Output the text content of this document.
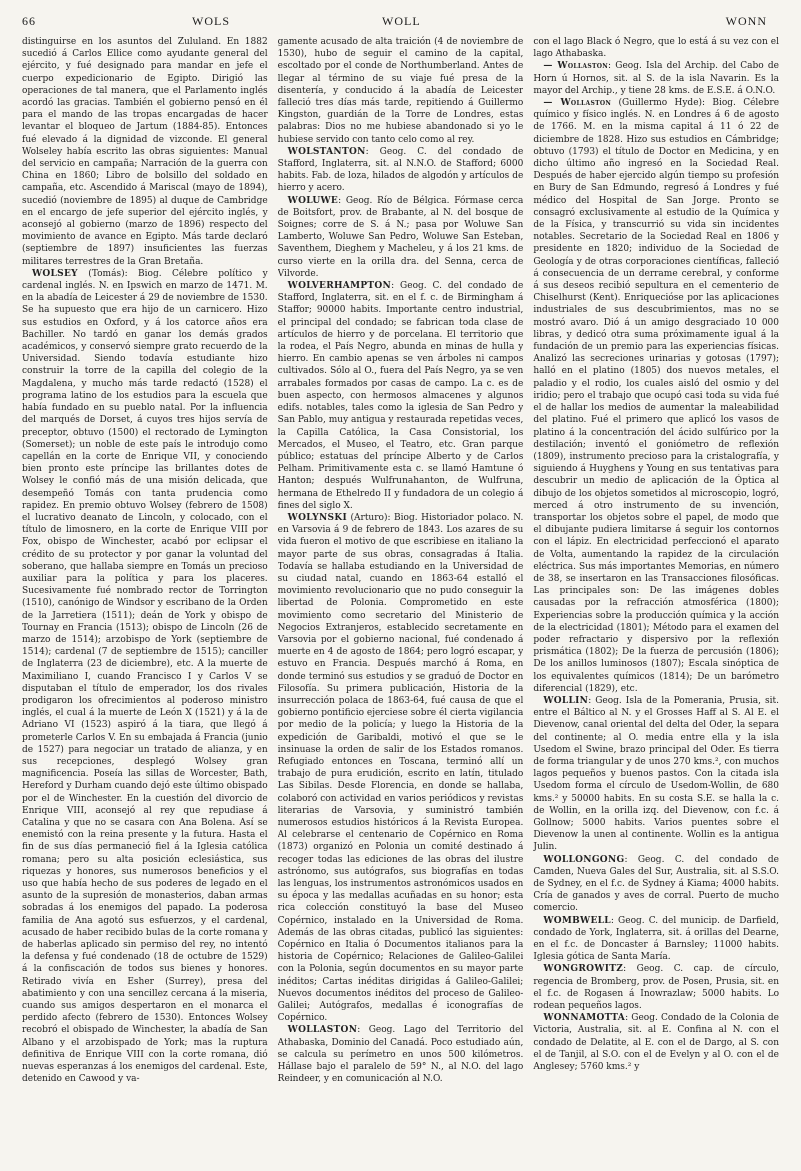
66	WOLS	WOLL	WONN

distinguirse en los asuntos del Zululand. En 1882 sucedió á Carlos Ellice como ayudante general del ejército, y fué designado para mandar en jefe el cuerpo expedicionario de Egipto. Dirigió las operaciones de tal manera, que el Parlamento inglés acordó las gracias. También el gobierno pensó en él para el mando de las tropas encargadas de hacer levantar el bloqueo de Jartum (1884-85). Entonces fué elevado á la dignidad de vizconde. El general Wolseley había escrito las obras siguientes: Manual del servicio en campaña; Narración de la guerra con China en 1860; Libro de bolsillo del soldado en campaña, etc. Ascendido á Mariscal (mayo de 1894), sucedió (noviembre de 1895) al duque de Cambridge en el encargo de jefe superior del ejército inglés, y aconsejó al gobierno (marzo de 1896) respecto del movimiento de avance en Egipto. Más tarde declaró (septiembre de 1897) insuficientes las fuerzas militares terrestres de la Gran Bretaña.

WOLSEY (Tomás): Biog. Célebre político y cardenal inglés. N. en Ipswich en marzo de 1471. M. en la abadía de Leicester á 29 de noviembre de 1530. Se ha supuesto que era hijo de un carnicero. Hizo sus estudios en Oxford, y á los catorce años era Bachiller. No tardó en ganar los demás grados académicos, y conservó siempre grato recuerdo de la Universidad. Siendo todavía estudiante hizo construir la torre de la capilla del colegio de la Magdalena, y mucho más tarde redactó (1528) el programa latino de los estudios para la escuela que había fundado en su pueblo natal. Por la influencia del marqués de Dorset, á cuyos tres hijos servía de preceptor, obtuvo (1500) el rectorado de Lymington (Somerset); un noble de este país le introdujo como capellán en la corte de Enrique VII, y conociendo bien pronto este príncipe las brillantes dotes de Wolsey le confió más de una misión delicada, que desempeñó Tomás con tanta prudencia como rapidez. En premio obtuvo Wolsey (febrero de 1508) el lucrativo deanato de Lincoln, y colocado, con el título de limosnero, en la corte de Enrique VIII por Fox, obispo de Winchester, acabó por eclipsar el crédito de su protector y por ganar la voluntad del soberano, que hallaba siempre en Tomás un precioso auxiliar para la política y para los placeres. Sucesivamente fué nombrado rector de Torrington (1510), canónigo de Windsor y escribano de la Orden de la Jarretiera (1511); deán de York y obispo de Tournay en Francia (1513); obispo de Lincoln (26 de marzo de 1514); arzobispo de York (septiembre de 1514); cardenal (7 de septiembre de 1515); canciller de Inglaterra (23 de diciembre), etc. A la muerte de Maximiliano I, cuando Francisco I y Carlos V se disputaban el título de emperador, los dos rivales prodigaron los ofrecimientos al poderoso ministro inglés, el cual á la muerte de León X (1521) y á la de Adriano VI (1523) aspiró á la tiara, que llegó á prometerle Carlos V. En su embajada á Francia (junio de 1527) para negociar un tratado de alianza, y en sus recepciones, desplegó Wolsey gran magnificencia. Poseía las sillas de Worcester, Bath, Hereford y Durham cuando dejó este último obispado por el de Winchester. En la cuestión del divorcio de Enrique VIII, aconsejó al rey que repudiase á Catalina y que no se casara con Ana Bolena. Así se enemistó con la reina presente y la futura. Hasta el fin de sus días permaneció fiel á la Iglesia católica romana; pero su alta posición eclesiástica, sus riquezas y honores, sus numerosos beneficios y el uso que había hecho de sus poderes de legado en el asunto de la supresión de monasterios, daban armas sobradas á los enemigos del papado. La poderosa familia de Ana agotó sus esfuerzos, y el cardenal, acusado de haber recibido bulas de la corte romana y de haberlas aplicado sin permiso del rey, no intentó la defensa y fué condenado (18 de octubre de 1529) á la confiscación de todos sus bienes y honores. Retirado vivía en Esher (Surrey), presa del abatimiento y con una sencillez cercana á la miseria, cuando sus amigos despertaron en el monarca el perdido afecto (febrero de 1530). Entonces Wolsey recobró el obispado de Winchester, la abadía de San Albano y el arzobispado de York; mas la ruptura definitiva de Enrique VIII con la corte romana, dió nuevas esperanzas á los enemigos del cardenal. Este, detenido en Cawood y va-

gamente acusado de alta traición (4 de noviembre de 1530), hubo de seguir el camino de la capital, escoltado por el conde de Northumberland. Antes de llegar al término de su viaje fué presa de la disentería, y conducido á la abadía de Leicester falleció tres días más tarde, repitiendo á Guillermo Kingston, guardián de la Torre de Londres, estas palabras: Dios no me hubiese abandonado si yo le hubiese servido con tanto celo como al rey.

WOLSTANTON: Geog. C. del condado de Stafford, Inglaterra, sit. al N.N.O. de Stafford; 6000 habits. Fab. de loza, hilados de algodón y artículos de hierro y acero.

WOLUWE: Geog. Río de Bélgica. Fórmase cerca de Boitsfort, prov. de Brabante, al N. del bosque de Soignes; corre de S. á N.; pasa por Woluwe San Lamberto, Woluwe San Pedro, Woluwe San Esteban, Saventhem, Dieghem y Macheleu, y á los 21 kms. de curso vierte en la orilla dra. del Senna, cerca de Vilvorde.

WOLVERHAMPTON: Geog. C. del condado de Stafford, Inglaterra, sit. en el f. c. de Birmingham á Staffor; 90000 habits. Importante centro industrial, el principal del condado; se fabrican toda clase de artículos de hierro y de porcelana. El territorio que la rodea, el País Negro, abunda en minas de hulla y hierro. En cambio apenas se ven árboles ni campos cultivados. Sólo al O., fuera del País Negro, ya se ven arrabales formados por casas de campo. La c. es de buen aspecto, con hermosos almacenes y algunos edifs. notables, tales como la iglesia de San Pedro y San Pablo, muy antigua y restaurada repetidas veces, la Capilla Católica, la Casa Consistorial, los Mercados, el Museo, el Teatro, etc. Gran parque público; estatuas del príncipe Alberto y de Carlos Pelham. Primitivamente esta c. se llamó Hamtune ó Hanton; después Wulfrunahanton, de Wulfruna, hermana de Ethelredo II y fundadora de un colegio á fines del siglo X.

WOLYNSKI (Arturo): Biog. Historiador polaco. N. en Varsovia á 9 de febrero de 1843. Los azares de su vida fueron el motivo de que escribiese en italiano la mayor parte de sus obras, consagradas á Italia. Todavía se hallaba estudiando en la Universidad de su ciudad natal, cuando en 1863-64 estalló el movimiento revolucionario que no pudo conseguir la libertad de Polonia. Comprometido en este movimiento como secretario del Ministerio de Negocios Extranjeros, establecido secretamente en Varsovia por el gobierno nacional, fué condenado á muerte en 4 de agosto de 1864; pero logró escapar, y estuvo en Francia. Después marchó á Roma, en donde terminó sus estudios y se graduó de Doctor en Filosofía. Su primera publicación, Historia de la insurrección polaca de 1863-64, fué causa de que el gobierno pontificio ejerciese sobre él cierta vigilancia por medio de la policía; y luego la Historia de la expedición de Garibaldi, motivó el que se le insinuase la orden de salir de los Estados romanos. Refugiado entonces en Toscana, terminó allí un trabajo de pura erudición, escrito en latín, titulado Las Sibilas. Desde Florencia, en donde se hallaba, colaboró con actividad en varios periódicos y revistas literarias de Varsovia, y suministró también numerosos estudios históricos á la Revista Europea. Al celebrarse el centenario de Copérnico en Roma (1873) organizó en Polonia un comité destinado á recoger todas las ediciones de las obras del ilustre astrónomo, sus autógrafos, sus biografías en todas las lenguas, los instrumentos astronómicos usados en su época y las medallas acuñadas en su honor; esta rica colección constituyó la base del Museo Copérnico, instalado en la Universidad de Roma. Además de las obras citadas, publicó las siguientes: Copérnico en Italia ó Documentos italianos para la historia de Copérnico; Relaciones de Galileo-Galilei con la Polonia, según documentos en su mayor parte inéditos; Cartas inéditas dirigidas á Galileo-Galilei; Nuevos documentos inéditos del proceso de Galileo-Galilei; Autógrafos, medallas é iconografías de Copérnico.

WOLLASTON: Geog. Lago del Territorio del Athabaska, Dominio del Canadá. Poco estudiado aún, se calcula su perímetro en unos 500 kilómetros. Hállase bajo el paralelo de 59° N., al N.O. del lago Reindeer, y en comunicación al N.O.

con el lago Black ó Negro, que lo está á su vez con el lago Athabaska.

— Wollaston: Geog. Isla del Archip. del Cabo de Horn ú Hornos, sit. al S. de la isla Navarin. Es la mayor del Archip., y tiene 28 kms. de E.S.E. á O.N.O.

— Wollaston (Guillermo Hyde): Biog. Célebre químico y físico inglés. N. en Londres á 6 de agosto de 1766. M. en la misma capital á 11 ó 22 de diciembre de 1828. Hizo sus estudios en Cámbridge; obtuvo (1793) el título de Doctor en Medicina, y en dicho último año ingresó en la Sociedad Real. Después de haber ejercido algún tiempo su profesión en Bury de San Edmundo, regresó á Londres y fué médico del Hospital de San Jorge. Pronto se consagró exclusivamente al estudio de la Química y de la Física, y transcurrió su vida sin incidentes notables. Secretario de la Sociedad Real en 1806 y presidente en 1820; individuo de la Sociedad de Geología y de otras corporaciones científicas, falleció á consecuencia de un derrame cerebral, y conforme á sus deseos recibió sepultura en el cementerio de Chiselhurst (Kent). Enriquecióse por las aplicaciones industriales de sus descubrimientos, mas no se mostró avaro. Dió á un amigo desgraciado 10 000 libras, y dedicó otra suma próximamente igual á la fundación de un premio para las experiencias físicas. Analizó las secreciones urinarias y gotosas (1797); halló en el platino (1805) dos nuevos metales, el paladio y el rodio, los cuales aisló del osmio y del iridio; pero el trabajo que ocupó casi toda su vida fué el de hallar los medios de aumentar la maleabilidad del platino. Fué el primero que aplicó los vasos de platino á la concentración del ácido sulfúrico por la destilación; inventó el goniómetro de reflexión (1809), instrumento precioso para la cristalografía, y siguiendo á Huyghens y Young en sus tentativas para descubrir un medio de aplicación de la Óptica al dibujo de los objetos sometidos al microscopio, logró, merced á otro instrumento de su invención, transportar los objetos sobre el papel, de modo que el dibujante pudiera limitarse á seguir los contornos con el lápiz. En electricidad perfeccionó el aparato de Volta, aumentando la rapidez de la circulación eléctrica. Sus más importantes Memorias, en número de 38, se insertaron en las Transacciones filosóficas. Las principales son: De las imágenes dobles causadas por la refracción atmosférica (1800); Experiencias sobre la producción química y la acción de la electricidad (1801); Método para el examen del poder refractario y dispersivo por la reflexión prismática (1802); De la fuerza de percusión (1806); De los anillos luminosos (1807); Escala sinóptica de los equivalentes químicos (1814); De un barómetro diferencial (1829), etc.

WOLLIN: Geog. Isla de la Pomerania, Prusia, sit. entre el Báltico al N. y el Grosses Haff al S. Al E. el Dievenow, canal oriental del delta del Oder, la separa del continente; al O. media entre ella y la isla Usedom el Swine, brazo principal del Oder. Es tierra de forma triangular y de unos 270 kms.², con muchos lagos pequeños y buenos pastos. Con la citada isla Usedom forma el círculo de Usedom-Wollin, de 680 kms.² y 50000 habits. En su costa S.E. se halla la c. de Wollin, en la orilla izq. del Dievenow, con f.c. á Gollnow; 5000 habits. Varios puentes sobre el Dievenow la unen al continente. Wollin es la antigua Julin.

WOLLONGONG: Geog. C. del condado de Camden, Nueva Gales del Sur, Australia, sit. al S.S.O. de Sydney, en el f.c. de Sydney á Kiama; 4000 habits. Cría de ganados y aves de corral. Puerto de mucho comercio.

WOMBWELL: Geog. C. del municip. de Darfield, condado de York, Inglaterra, sit. á orillas del Dearne, en el f.c. de Doncaster á Barnsley; 11000 habits. Iglesia gótica de Santa María.

WONGROWITZ: Geog. C. cap. de círculo, regencia de Bromberg, prov. de Posen, Prusia, sit. en el f.c. de Rogasen á Inowrazlaw; 5000 habits. Lo rodean pequeños lagos.

WONNAMOTTA: Geog. Condado de la Colonia de Victoria, Australia, sit. al E. Confina al N. con el condado de Delatite, al E. con el de Dargo, al S. con el de Tanjil, al S.O. con el de Evelyn y al O. con el de Anglesey; 5760 kms.² y
